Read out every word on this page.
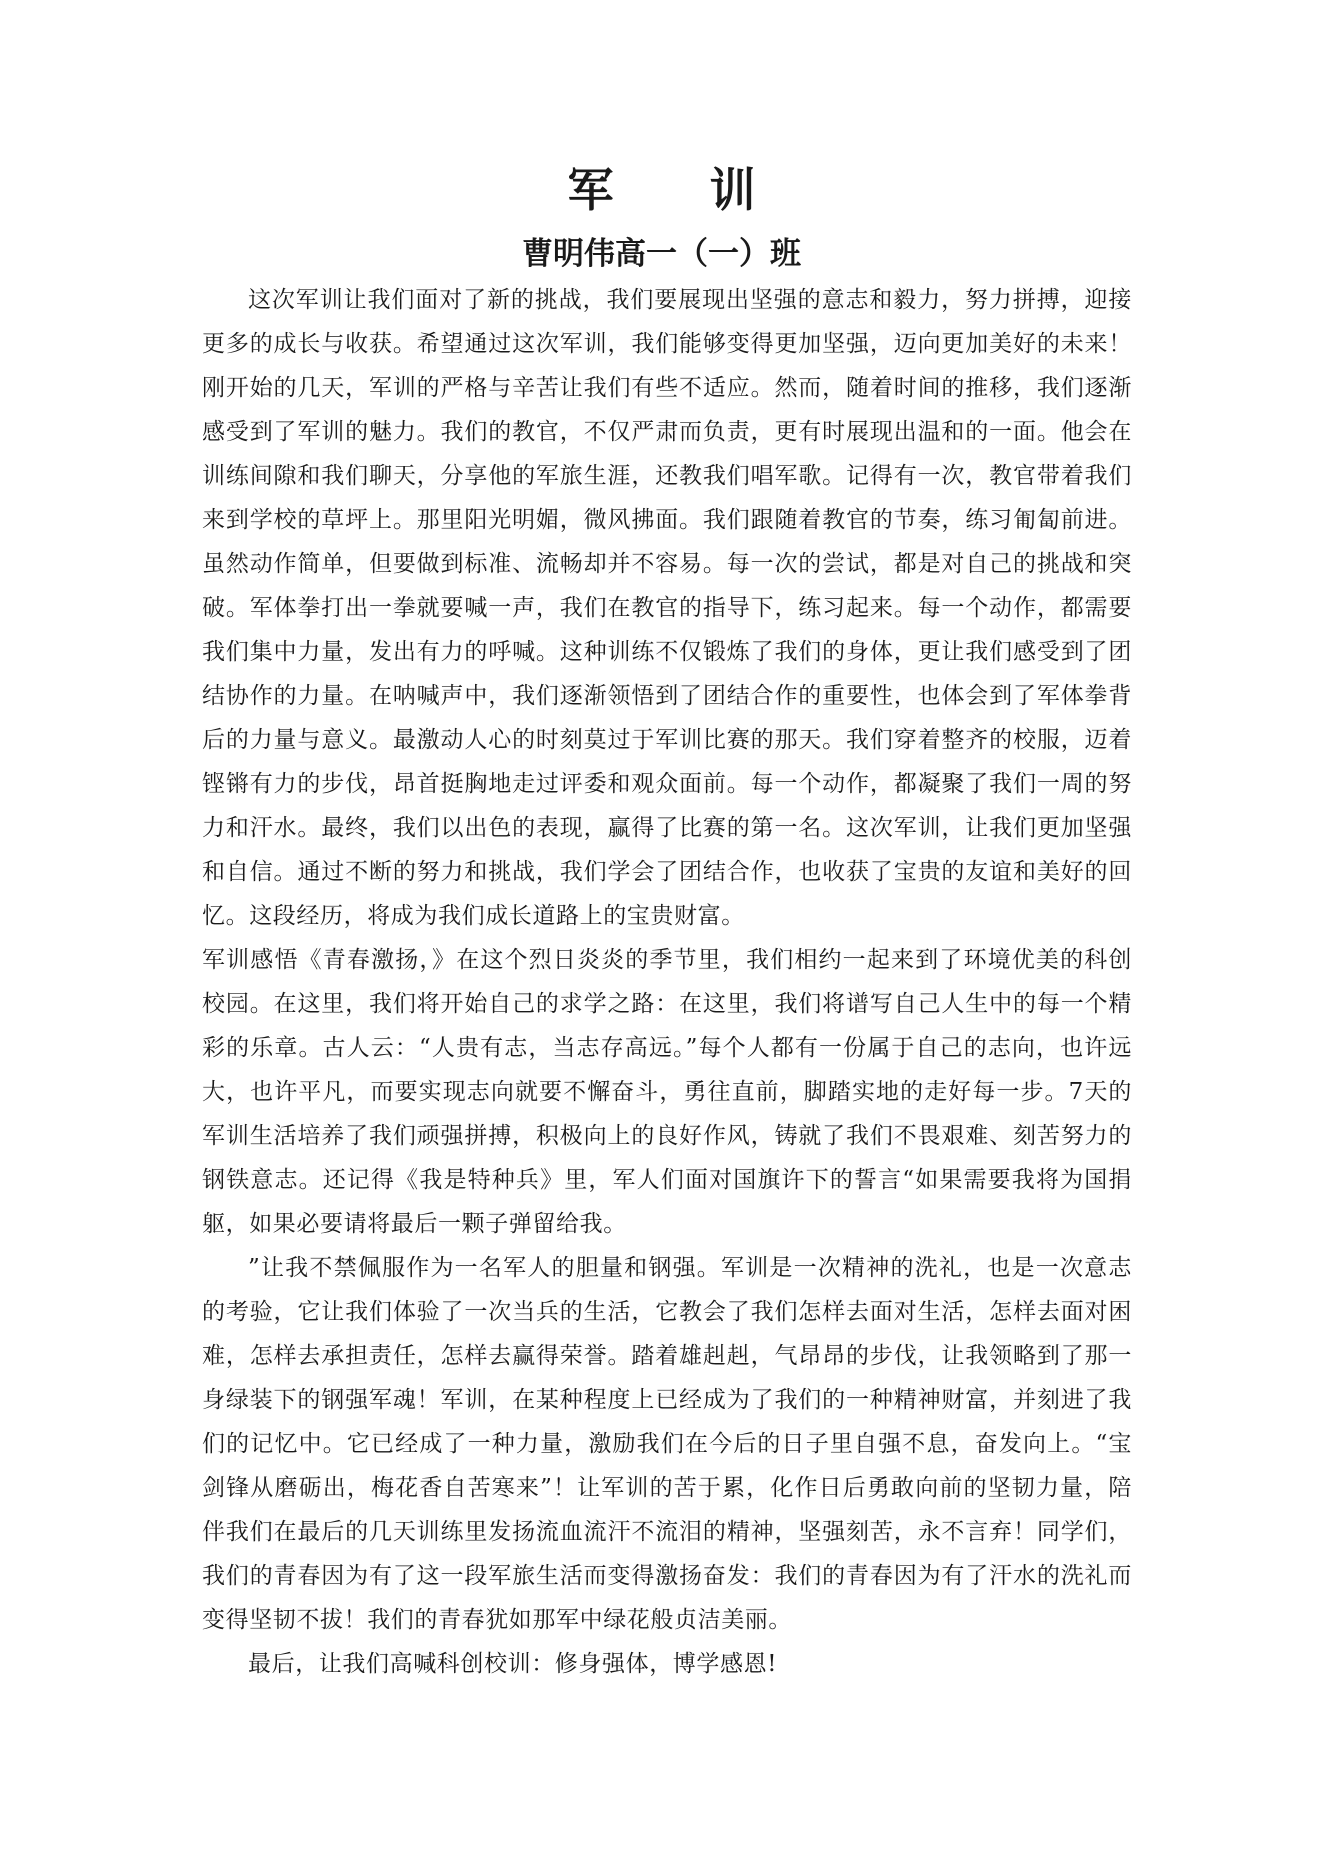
军 训
曹明伟高一（一）班

这次军训让我们面对了新的挑战，我们要展现出坚强的意志和毅力，努力拼搏，迎接更多的成长与收获。希望通过这次军训，我们能够变得更加坚强，迈向更加美好的未来！刚开始的几天，军训的严格与辛苦让我们有些不适应。然而，随着时间的推移，我们逐渐感受到了军训的魅力。我们的教官，不仅严肃而负责，更有时展现出温和的一面。他会在训练间隙和我们聊天，分享他的军旅生涯，还教我们唱军歌。记得有一次，教官带着我们来到学校的草坪上。那里阳光明媚，微风拂面。我们跟随着教官的节奏，练习匍匐前进。虽然动作简单，但要做到标准、流畅却并不容易。每一次的尝试，都是对自己的挑战和突破。军体拳打出一拳就要喊一声，我们在教官的指导下，练习起来。每一个动作，都需要我们集中力量，发出有力的呼喊。这种训练不仅锻炼了我们的身体，更让我们感受到了团结协作的力量。在呐喊声中，我们逐渐领悟到了团结合作的重要性，也体会到了军体拳背后的力量与意义。最激动人心的时刻莫过于军训比赛的那天。我们穿着整齐的校服，迈着铿锵有力的步伐，昂首挺胸地走过评委和观众面前。每一个动作，都凝聚了我们一周的努力和汗水。最终，我们以出色的表现，赢得了比赛的第一名。这次军训，让我们更加坚强和自信。通过不断的努力和挑战，我们学会了团结合作，也收获了宝贵的友谊和美好的回忆。这段经历，将成为我们成长道路上的宝贵财富。

军训感悟《青春激扬，》在这个烈日炎炎的季节里，我们相约一起来到了环境优美的科创校园。在这里，我们将开始自己的求学之路：在这里，我们将谱写自己人生中的每一个精彩的乐章。古人云：“人贵有志，当志存高远。”每个人都有一份属于自己的志向，也许远大，也许平凡，而要实现志向就要不懈奋斗，勇往直前，脚踏实地的走好每一步。7天的军训生活培养了我们顽强拼搏，积极向上的良好作风，铸就了我们不畏艰难、刻苦努力的钢铁意志。还记得《我是特种兵》里，军人们面对国旗许下的誓言“如果需要我将为国捐躯，如果必要请将最后一颗子弹留给我。

”让我不禁佩服作为一名军人的胆量和钢强。军训是一次精神的洗礼，也是一次意志的考验，它让我们体验了一次当兵的生活，它教会了我们怎样去面对生活，怎样去面对困难，怎样去承担责任，怎样去赢得荣誉。踏着雄赳赳，气昂昂的步伐，让我领略到了那一身绿装下的钢强军魂！军训，在某种程度上已经成为了我们的一种精神财富，并刻进了我们的记忆中。它已经成了一种力量，激励我们在今后的日子里自强不息，奋发向上。“宝剑锋从磨砺出，梅花香自苦寒来”！让军训的苦于累，化作日后勇敢向前的坚韧力量，陪伴我们在最后的几天训练里发扬流血流汗不流泪的精神，坚强刻苦，永不言弃！同学们，我们的青春因为有了这一段军旅生活而变得激扬奋发：我们的青春因为有了汗水的洗礼而变得坚韧不拔！我们的青春犹如那军中绿花般贞洁美丽。

最后，让我们高喊科创校训：修身强体，博学感恩!
